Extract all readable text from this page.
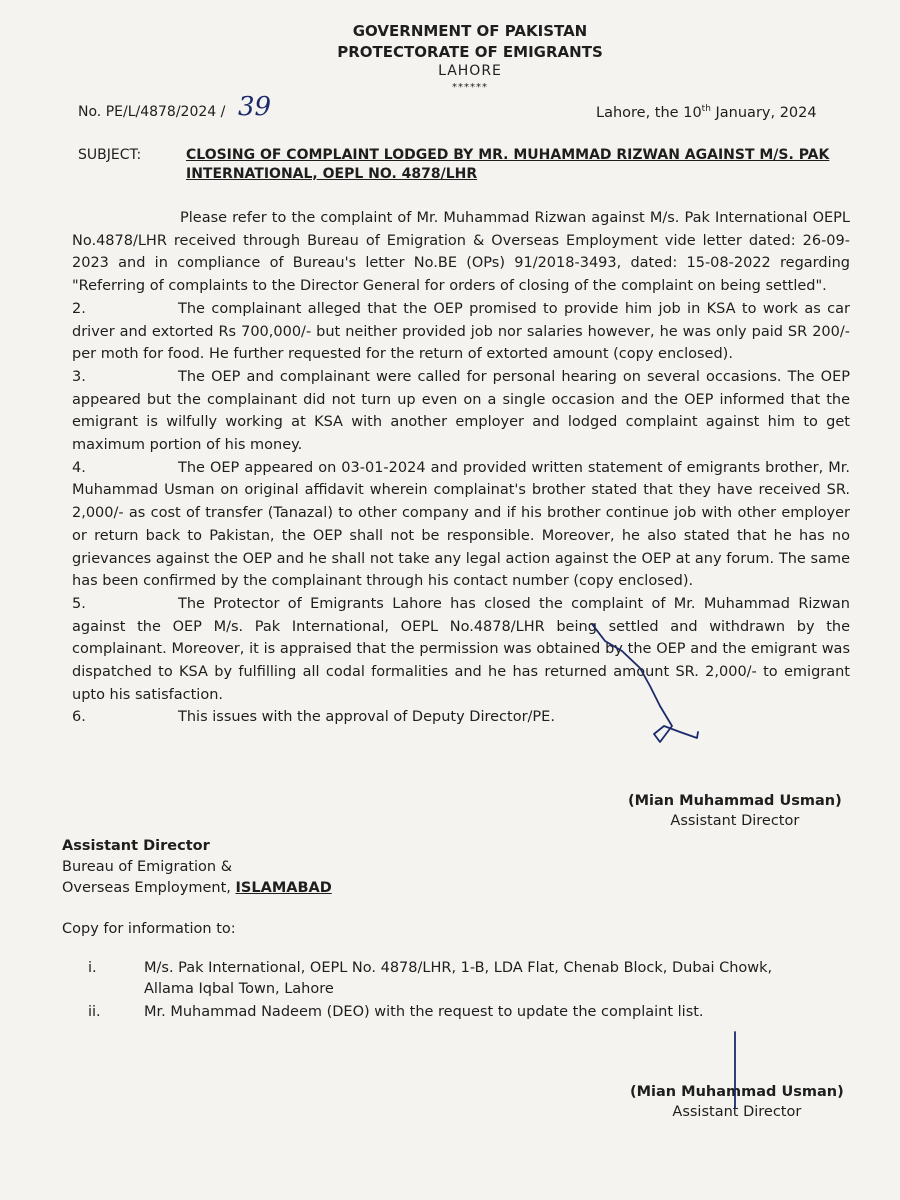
GOVERNMENT OF PAKISTAN
PROTECTORATE OF EMIGRANTS
LAHORE
******
No. PE/L/4878/2024 / 39	Lahore, the 10th January, 2024
SUBJECT:	CLOSING OF COMPLAINT LODGED BY MR. MUHAMMAD RIZWAN AGAINST M/S. PAK INTERNATIONAL, OEPL NO. 4878/LHR

Please refer to the complaint of Mr. Muhammad Rizwan against M/s. Pak International OEPL No.4878/LHR received through Bureau of Emigration & Overseas Employment vide letter dated: 26-09-2023 and in compliance of Bureau's letter No.BE (OPs) 91/2018-3493, dated: 15-08-2022 regarding "Referring of complaints to the Director General for orders of closing of the complaint on being settled".

2.	The complainant alleged that the OEP promised to provide him job in KSA to work as car driver and extorted Rs 700,000/- but neither provided job nor salaries however, he was only paid SR 200/- per moth for food. He further requested for the return of extorted amount (copy enclosed).

3.	The OEP and complainant were called for personal hearing on several occasions. The OEP appeared but the complainant did not turn up even on a single occasion and the OEP informed that the emigrant is wilfully working at KSA with another employer and lodged complaint against him to get maximum portion of his money.

4.	The OEP appeared on 03-01-2024 and provided written statement of emigrants brother, Mr. Muhammad Usman on original affidavit wherein complainat's brother stated that they have received SR. 2,000/- as cost of transfer (Tanazal) to other company and if his brother continue job with other employer or return back to Pakistan, the OEP shall not be responsible. Moreover, he also stated that he has no grievances against the OEP and he shall not take any legal action against the OEP at any forum. The same has been confirmed by the complainant through his contact number (copy enclosed).

5.	The Protector of Emigrants Lahore has closed the complaint of Mr. Muhammad Rizwan against the OEP M/s. Pak International, OEPL No.4878/LHR being settled and withdrawn by the complainant. Moreover, it is appraised that the permission was obtained by the OEP and the emigrant was dispatched to KSA by fulfilling all codal formalities and he has returned amount SR. 2,000/- to emigrant upto his satisfaction.

6.	This issues with the approval of Deputy Director/PE.

(Mian Muhammad Usman)
Assistant Director
Assistant Director
Bureau of Emigration &
Overseas Employment, ISLAMABAD
Copy for information to:
i.	M/s. Pak International, OEPL No. 4878/LHR, 1-B, LDA Flat, Chenab Block, Dubai Chowk, Allama Iqbal Town, Lahore
ii.	Mr. Muhammad Nadeem (DEO) with the request to update the complaint list.
(Mian Muhammad Usman)
Assistant Director
